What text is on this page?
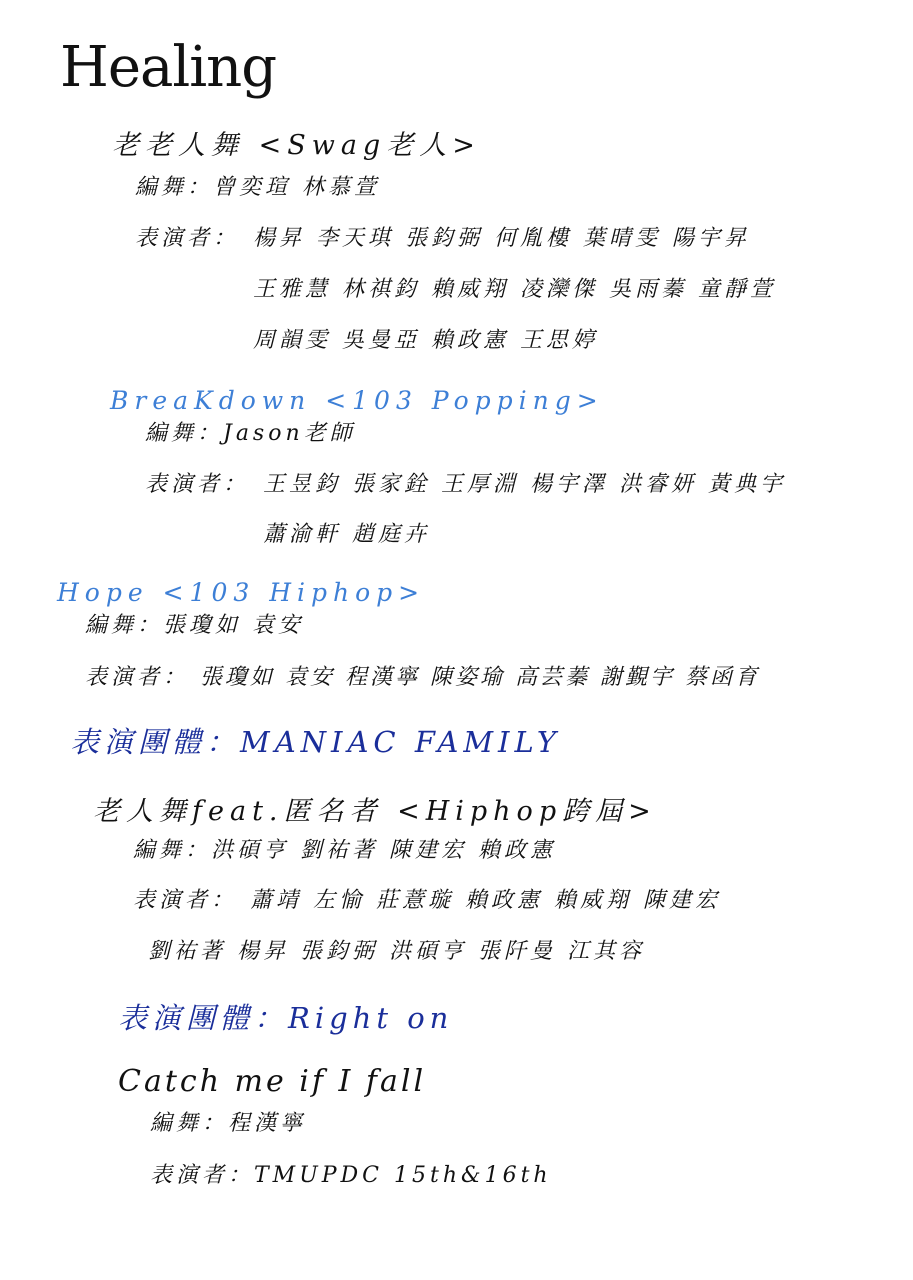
Healing
老老人舞 <Swag老人>
編舞：曾奕瑄 林慕萱
表演者： 楊昇 李天琪 張鈞弼 何胤樓 葉晴雯 陽宇昇
王雅慧 林祺鈞 賴威翔 凌灤傑 吳雨蓁 童靜萱
周韻雯 吳曼亞 賴政憲 王思婷
BreaKdown <103 Popping>
編舞：Jason老師
表演者： 王昱鈞 張家銓 王厚淵 楊宇澤 洪睿妍 黃典宇
蕭渝軒 趙庭卉
Hope <103 Hiphop>
編舞：張瓊如 袁安
表演者： 張瓊如 袁安 程漢寧 陳姿瑜 高芸蓁 謝覲宇 蔡函育
表演團體：MANIAC FAMILY
老人舞feat.匿名者 <Hiphop跨屆>
編舞：洪碩亨 劉祐著 陳建宏 賴政憲
表演者： 蕭靖 左愉 莊薏璇 賴政憲 賴威翔 陳建宏
劉祐著 楊昇 張鈞弼 洪碩亨 張阡曼 江其容
表演團體：Right on
Catch me if I fall
編舞：程漢寧
表演者：TMUPDC 15th&16th
